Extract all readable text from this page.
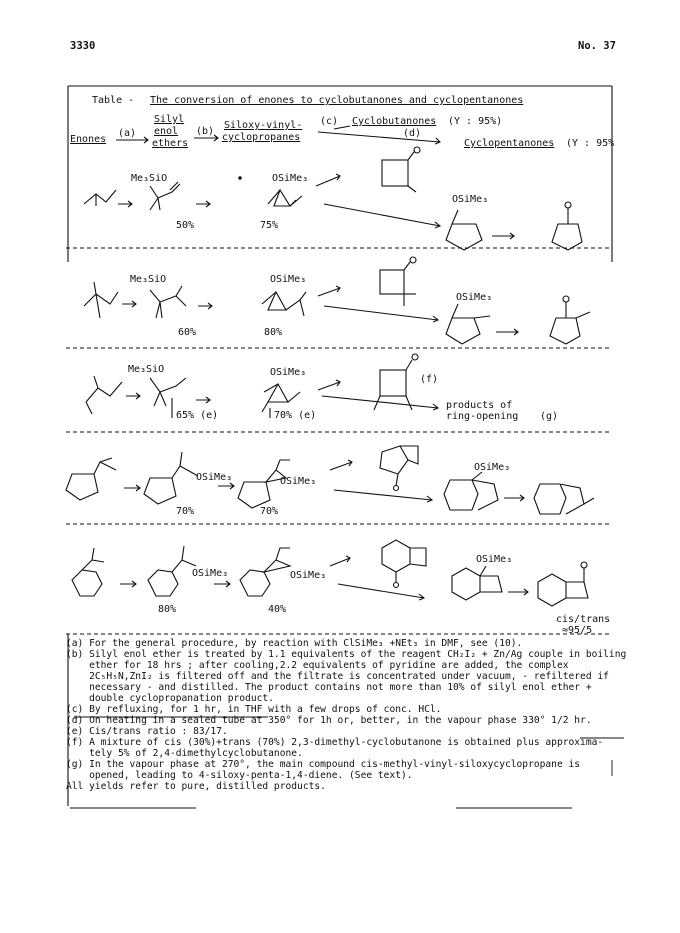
3330	No. 37
Table - The conversion of enones to cyclobutanones and cyclopentanones
Enones
(a)
Silyl
enol
ethers
(b)
Siloxy-vinyl-
cyclopropanes
(c) Cyclobutanones (Y : 95%)
(d)
Cyclopentanones (Y : 95%
Me₃SiO
50%
OSiMe₃
75%
OSiMe₃
Me₃SiO
60%
OSiMe₃
80%
OSiMe₃
Me₃SiO
65% (e)
OSiMe₃
70% (e)
(f)
products of
ring-opening (g)
OSiMe₃
70%
OSiMe₃
70%
OSiMe₃
OSiMe₃
80%
OSiMe₃
40%
OSiMe₃
cis/trans
≈95/5
(a) For the general procedure, by reaction with ClSiMe₃ +NEt₃ in DMF, see (10).
(b) Silyl enol ether is treated by 1.1 equivalents of the reagent CH₂I₂ + Zn/Ag couple in boiling
ether for 18 hrs ; after cooling,2.2 equivalents of pyridine are added, the complex
2C₅H₅N,ZnI₂ is filtered off and the filtrate is concentrated under vacuum, - refiltered if
necessary - and distilled. The product contains not more than 10% of silyl enol ether +
double cyclopropanation product.
(c) By refluxing, for 1 hr, in THF with a few drops of conc. HCl.
(d) On heating in a sealed tube at 350° for 1h or, better, in the vapour phase 330° 1/2 hr.
(e) Cis/trans ratio : 83/17.
(f) A mixture of cis (30%)+trans (70%) 2,3-dimethyl-cyclobutanone is obtained plus approxima-
tely 5% of 2,4-dimethylcyclobutanone.
(g) In the vapour phase at 270°, the main compound cis-methyl-vinyl-siloxycyclopropane is
opened, leading to 4-siloxy-penta-1,4-diene. (See text).
All yields refer to pure, distilled products.
